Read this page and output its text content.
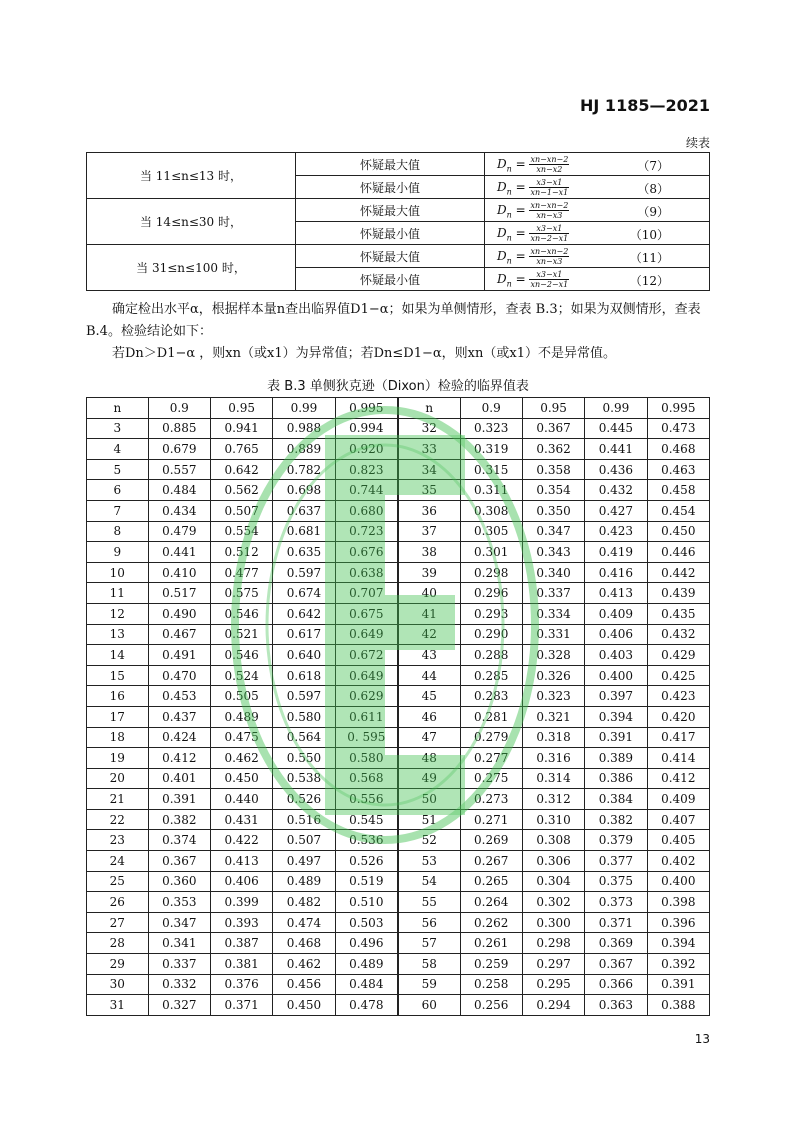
HJ 1185—2021
续表
当 11≤n≤13 时，	怀疑最大值	$D_n = \frac{xn-xn-2}{xn-x2} (7)$

	怀疑最小值	$D_n = \frac{x3-x1}{xn-1-x1} (8)$

当 14≤n≤30 时，	怀疑最大值	$D_n = \frac{xn-xn-2}{xn-x3} (9)$

	怀疑最小值	$D_n = \frac{x3-x1}{xn-2-x1} (10)$

当 31≤n≤100 时，	怀疑最大值	$D_n = \frac{xn-xn-2}{xn-x3} (11)$

	怀疑最小值	$D_n = \frac{x3-x1}{xn-2-x1} (12)$
确定检出水平α，根据样本量n查出临界值D1−α；如果为单侧情形，查表 B.3；如果为双侧情形，查表 B.4。检验结论如下：
若Dn＞D1−α ，则xn（或x1）为异常值；若Dn≤D1−α，则xn（或x1）不是异常值。
表 B.3 单侧狄克逊（Dixon）检验的临界值表
n	0.9	0.95	0.99	0.995	n	0.9	0.95	0.99	0.995
3	0.885	0.941	0.988	0.994	32	0.323	0.367	0.445	0.473
4	0.679	0.765	0.889	0.920	33	0.319	0.362	0.441	0.468
5	0.557	0.642	0.782	0.823	34	0.315	0.358	0.436	0.463
6	0.484	0.562	0.698	0.744	35	0.311	0.354	0.432	0.458
7	0.434	0.507	0.637	0.680	36	0.308	0.350	0.427	0.454
8	0.479	0.554	0.681	0.723	37	0.305	0.347	0.423	0.450
9	0.441	0.512	0.635	0.676	38	0.301	0.343	0.419	0.446
10	0.410	0.477	0.597	0.638	39	0.298	0.340	0.416	0.442
11	0.517	0.575	0.674	0.707	40	0.296	0.337	0.413	0.439
12	0.490	0.546	0.642	0.675	41	0.293	0.334	0.409	0.435
13	0.467	0.521	0.617	0.649	42	0.290	0.331	0.406	0.432
14	0.491	0.546	0.640	0.672	43	0.288	0.328	0.403	0.429
15	0.470	0.524	0.618	0.649	44	0.285	0.326	0.400	0.425
16	0.453	0.505	0.597	0.629	45	0.283	0.323	0.397	0.423
17	0.437	0.489	0.580	0.611	46	0.281	0.321	0.394	0.420
18	0.424	0.475	0.564	0. 595	47	0.279	0.318	0.391	0.417
19	0.412	0.462	0.550	0.580	48	0.277	0.316	0.389	0.414
20	0.401	0.450	0.538	0.568	49	0.275	0.314	0.386	0.412
21	0.391	0.440	0.526	0.556	50	0.273	0.312	0.384	0.409
22	0.382	0.431	0.516	0.545	51	0.271	0.310	0.382	0.407
23	0.374	0.422	0.507	0.536	52	0.269	0.308	0.379	0.405
24	0.367	0.413	0.497	0.526	53	0.267	0.306	0.377	0.402
25	0.360	0.406	0.489	0.519	54	0.265	0.304	0.375	0.400
26	0.353	0.399	0.482	0.510	55	0.264	0.302	0.373	0.398
27	0.347	0.393	0.474	0.503	56	0.262	0.300	0.371	0.396
28	0.341	0.387	0.468	0.496	57	0.261	0.298	0.369	0.394
29	0.337	0.381	0.462	0.489	58	0.259	0.297	0.367	0.392
30	0.332	0.376	0.456	0.484	59	0.258	0.295	0.366	0.391
31	0.327	0.371	0.450	0.478	60	0.256	0.294	0.363	0.388
13
